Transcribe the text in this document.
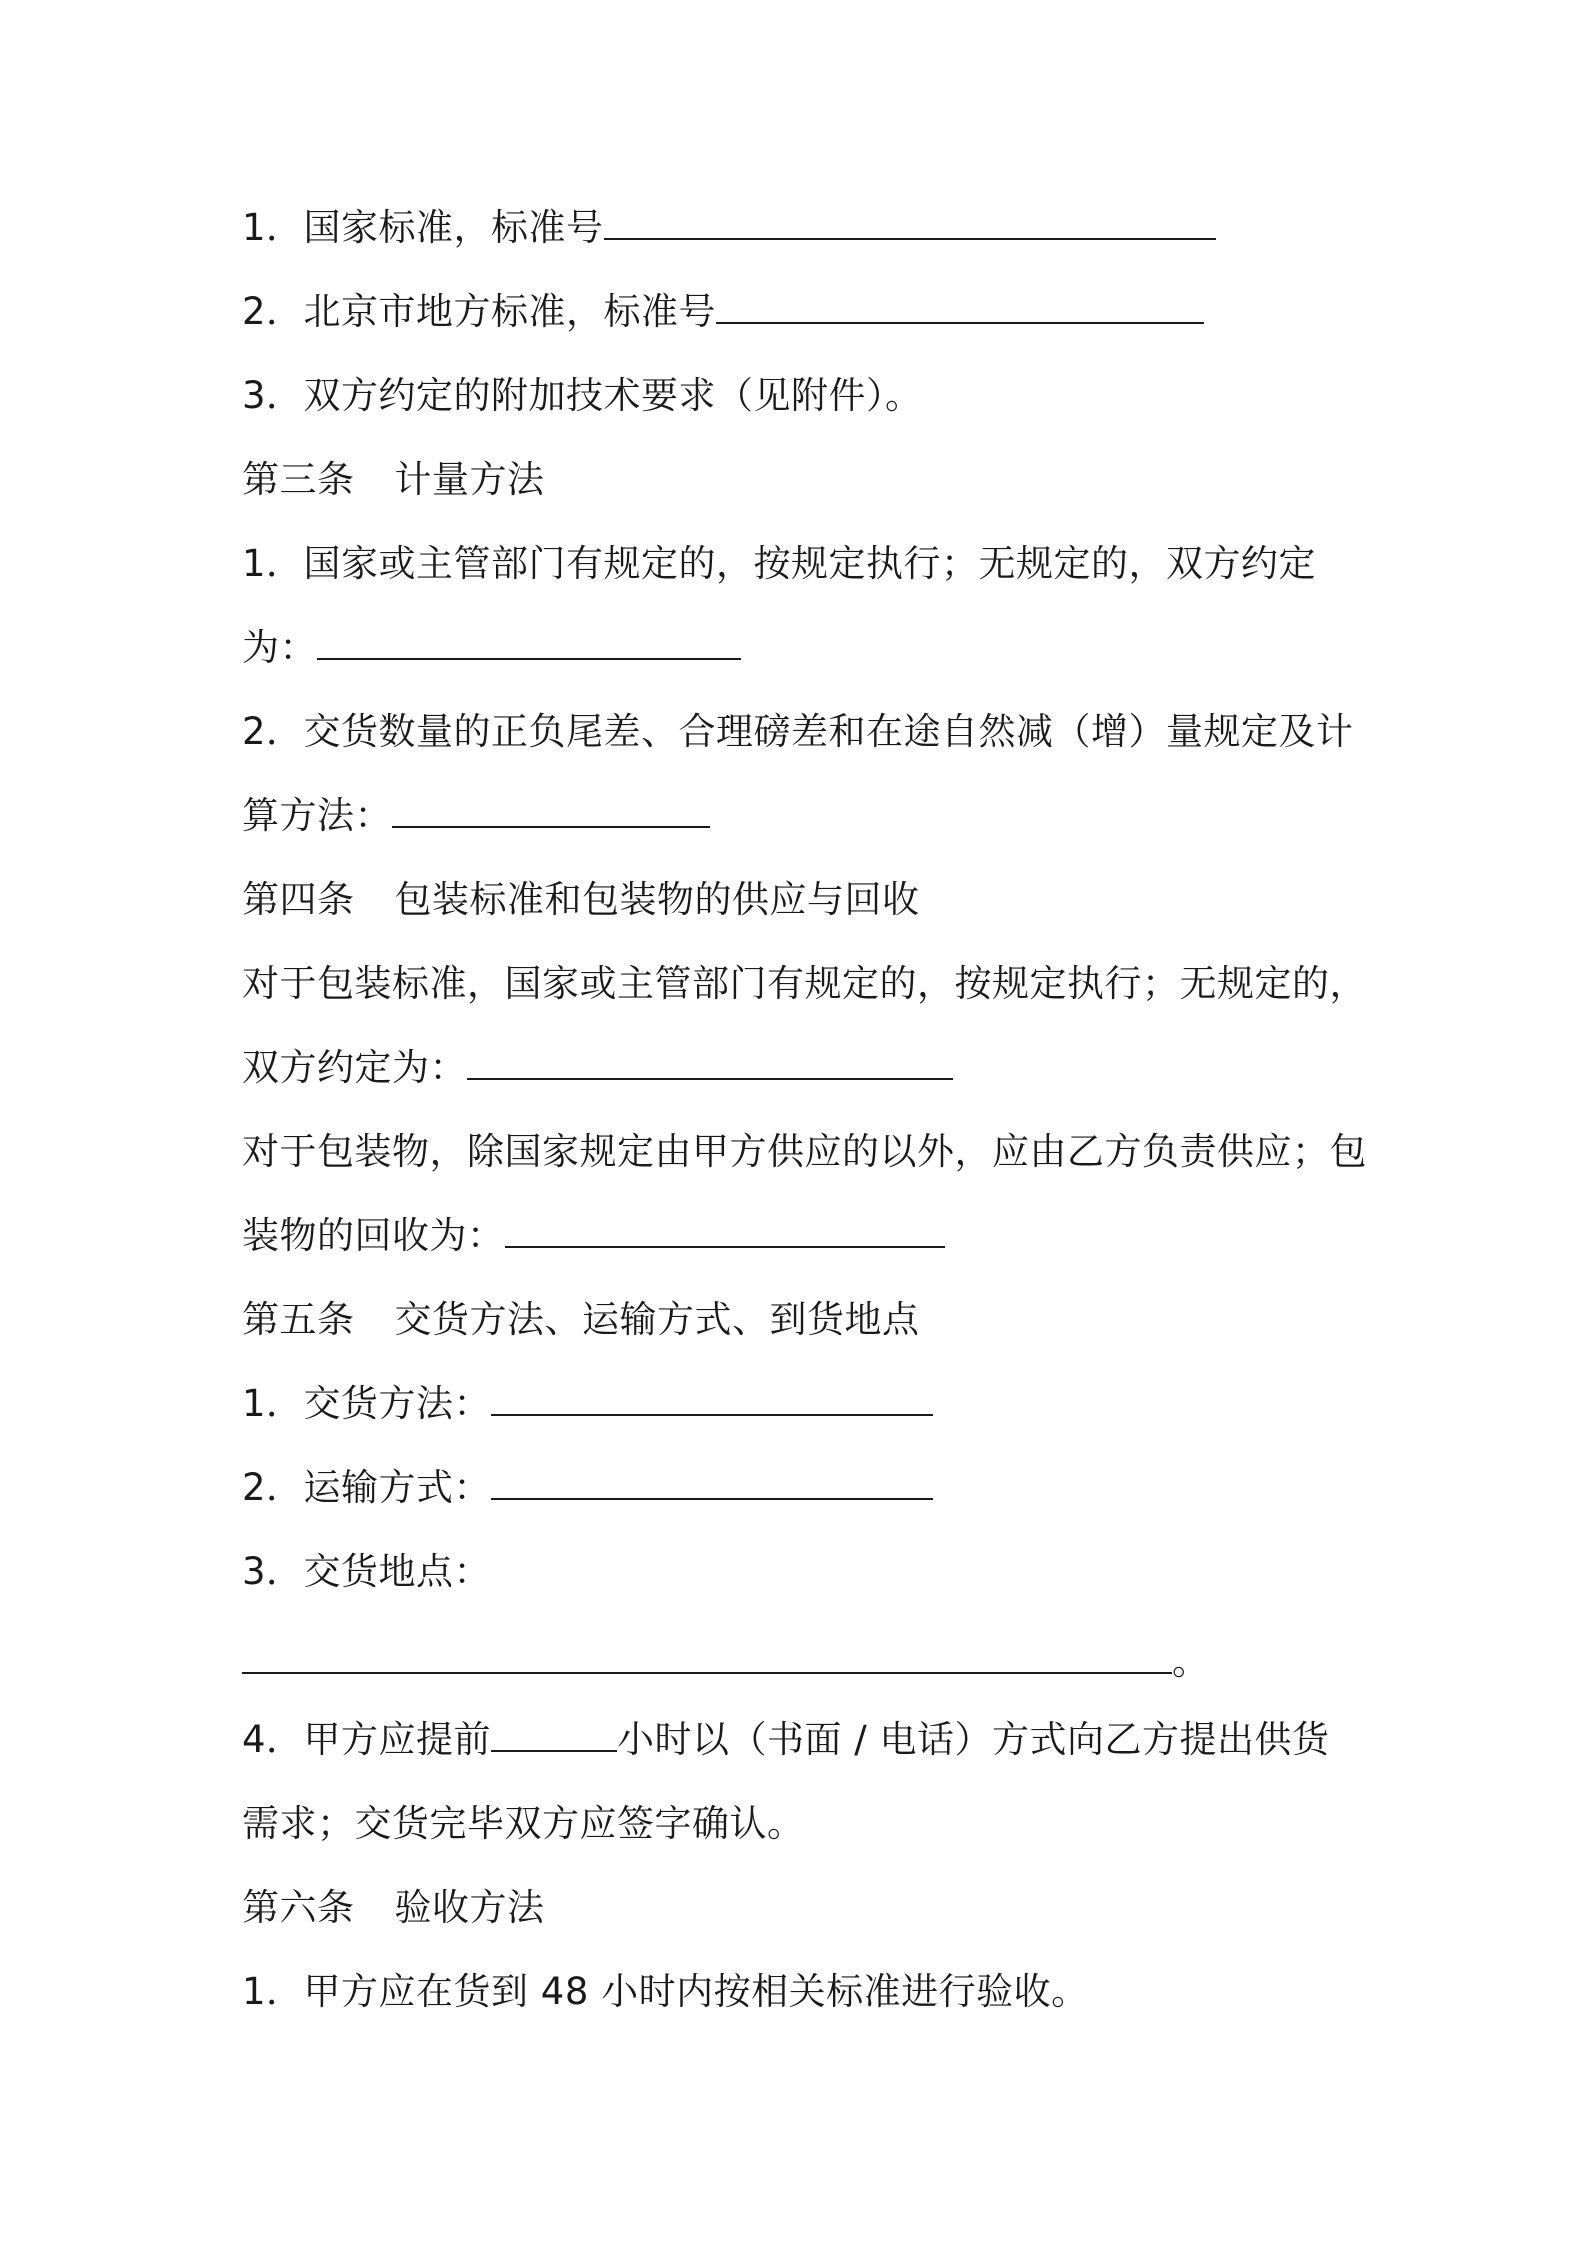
1．国家标准，标准号
2．北京市地方标准，标准号
3．双方约定的附加技术要求（见附件）。
第三条 计量方法
1．国家或主管部门有规定的，按规定执行；无规定的，双方约定
为：
2．交货数量的正负尾差、合理磅差和在途自然减（增）量规定及计
算方法：
第四条 包装标准和包装物的供应与回收
对于包装标准，国家或主管部门有规定的，按规定执行；无规定的，
双方约定为：
对于包装物，除国家规定由甲方供应的以外，应由乙方负责供应；包
装物的回收为：
第五条 交货方法、运输方式、到货地点
1．交货方法：
2．运输方式：
3．交货地点：
。
4．甲方应提前	小时以（书面 / 电话）方式向乙方提出供货
需求；交货完毕双方应签字确认。
第六条 验收方法
1．甲方应在货到 48 小时内按相关标准进行验收。
